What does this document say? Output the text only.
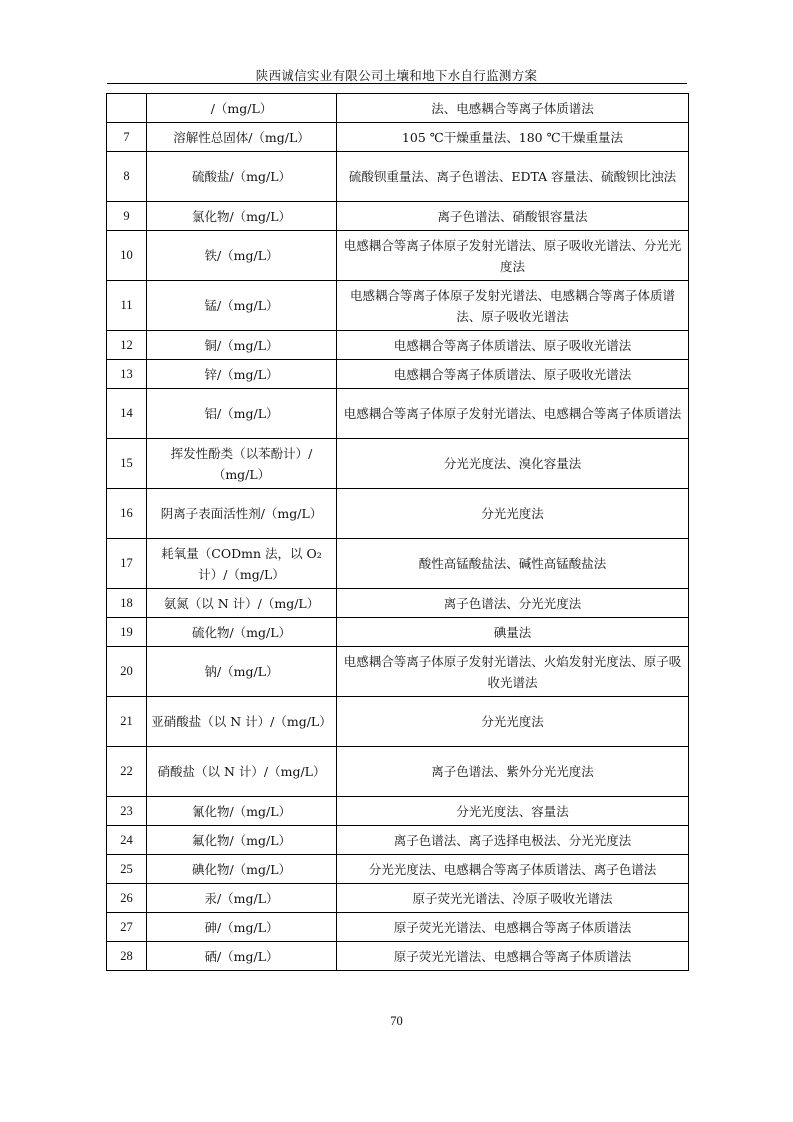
陕西诚信实业有限公司土壤和地下水自行监测方案
	/（mg/L）	法、电感耦合等离子体质谱法
7	溶解性总固体/（mg/L）	105 ℃干燥重量法、180 ℃干燥重量法
8	硫酸盐/（mg/L）	硫酸钡重量法、离子色谱法、EDTA 容量法、硫酸钡比浊法
9	氯化物/（mg/L）	离子色谱法、硝酸银容量法
10	铁/（mg/L）	电感耦合等离子体原子发射光谱法、原子吸收光谱法、分光光度法
11	锰/（mg/L）	电感耦合等离子体原子发射光谱法、电感耦合等离子体质谱法、原子吸收光谱法
12	铜/（mg/L）	电感耦合等离子体质谱法、原子吸收光谱法
13	锌/（mg/L）	电感耦合等离子体质谱法、原子吸收光谱法
14	铝/（mg/L）	电感耦合等离子体原子发射光谱法、电感耦合等离子体质谱法
15	挥发性酚类（以苯酚计）/（mg/L）	分光光度法、溴化容量法
16	阴离子表面活性剂/（mg/L）	分光光度法
17	耗氧量（CODmn 法，以 O₂ 计）/（mg/L）	酸性高锰酸盐法、碱性高锰酸盐法
18	氨氮（以 N 计）/（mg/L）	离子色谱法、分光光度法
19	硫化物/（mg/L）	碘量法
20	钠/（mg/L）	电感耦合等离子体原子发射光谱法、火焰发射光度法、原子吸收光谱法
21	亚硝酸盐（以 N 计）/（mg/L）	分光光度法
22	硝酸盐（以 N 计）/（mg/L）	离子色谱法、紫外分光光度法
23	氰化物/（mg/L）	分光光度法、容量法
24	氟化物/（mg/L）	离子色谱法、离子选择电极法、分光光度法
25	碘化物/（mg/L）	分光光度法、电感耦合等离子体质谱法、离子色谱法
26	汞/（mg/L）	原子荧光光谱法、冷原子吸收光谱法
27	砷/（mg/L）	原子荧光光谱法、电感耦合等离子体质谱法
28	硒/（mg/L）	原子荧光光谱法、电感耦合等离子体质谱法
70
